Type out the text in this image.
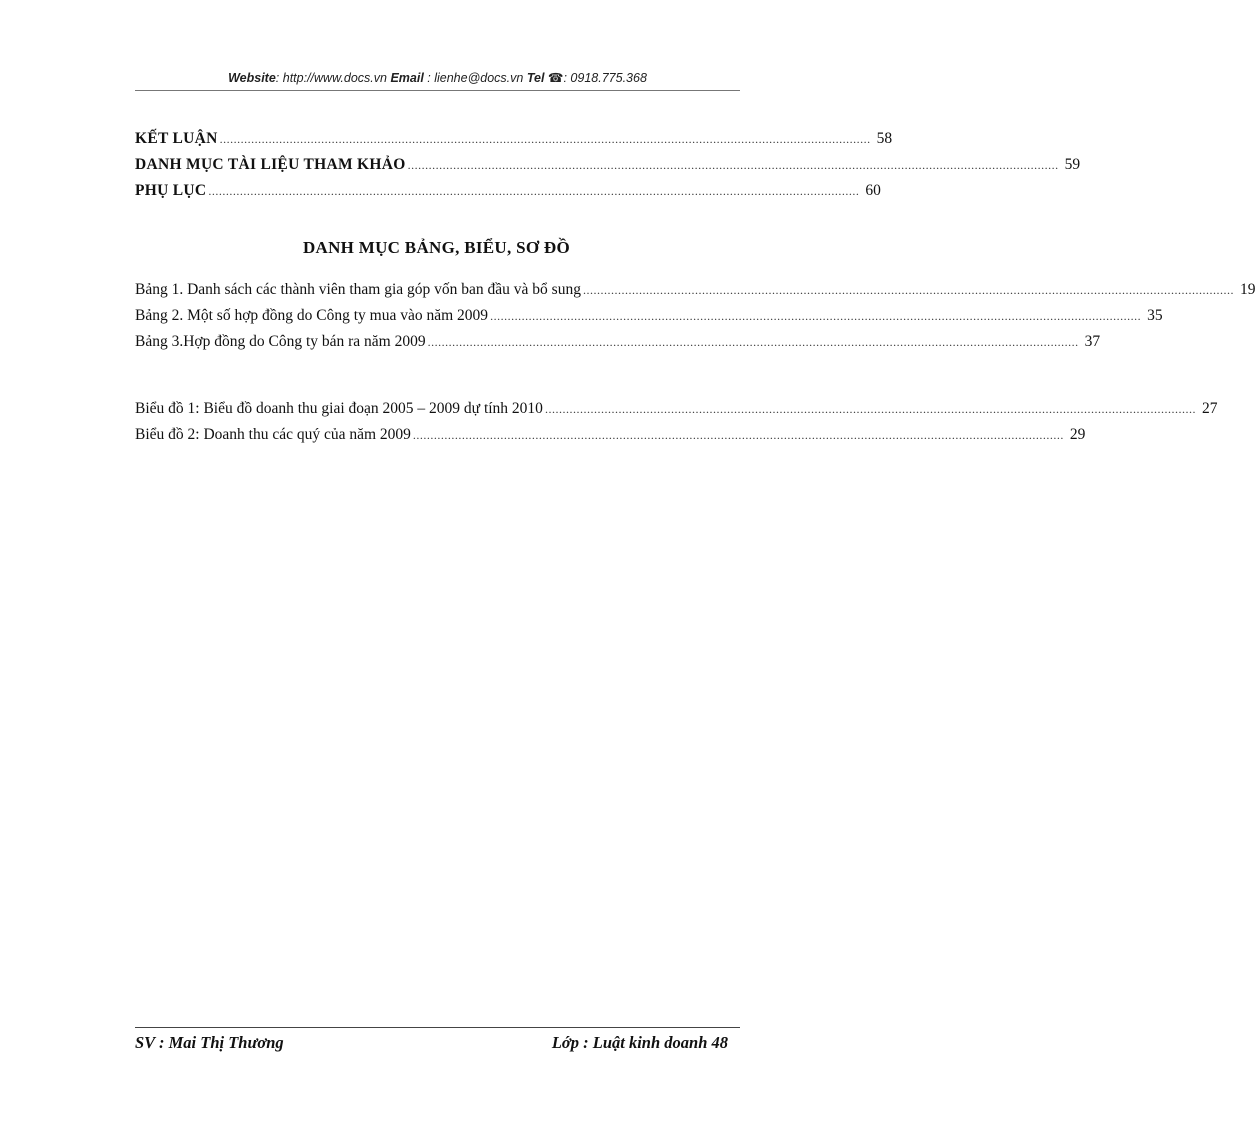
Website: http://www.docs.vn Email : lienhe@docs.vn Tel ☎: 0918.775.368
KẾT LUẬN .......................................................................................................................................................................................... 58
DANH MỤC TÀI LIỆU THAM KHẢO .......................................................................................................................................................................................... 59
PHỤ LỤC .......................................................................................................................................................................................... 60
DANH MỤC BẢNG, BIỂU, SƠ ĐỒ
Bảng 1. Danh sách các thành viên tham gia góp vốn ban đầu và bổ sung .......................................................................................................................................................................................... 19
Bảng 2. Một số hợp đồng do Công ty mua vào năm 2009 .......................................................................................................................................................................................... 35
Bảng 3.Hợp đồng do Công ty bán ra năm 2009 .......................................................................................................................................................................................... 37
Biểu đồ 1: Biểu đồ doanh thu giai đoạn 2005 – 2009 dự tính 2010 .......................................................................................................................................................................................... 27
Biểu đồ 2: Doanh thu các quý của năm 2009 .......................................................................................................................................................................................... 29
SV : Mai Thị Thương	Lớp : Luật kinh doanh 48
